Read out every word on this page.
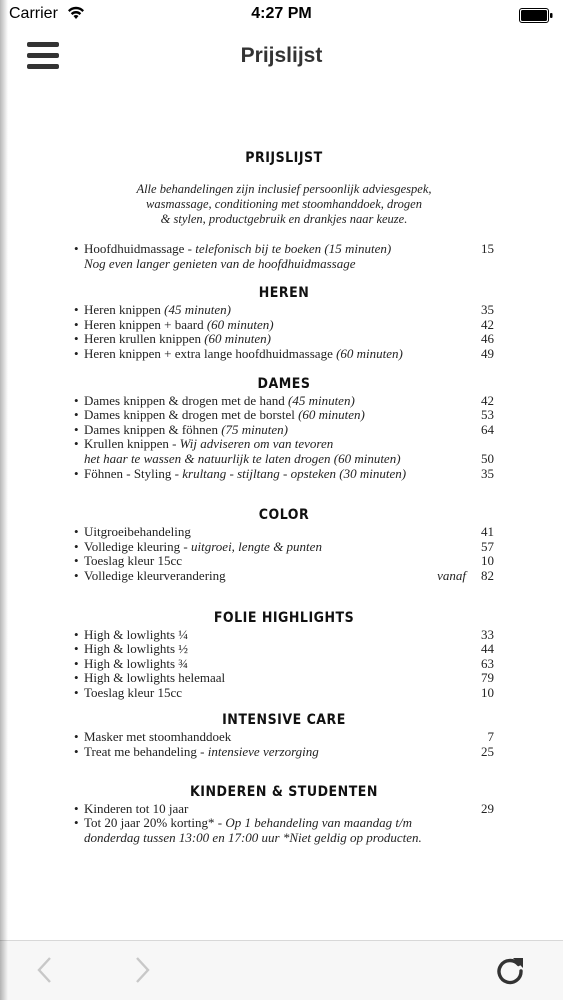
Carrier	4:27 PM
Prijslijst
PRIJSLIJST
Alle behandelingen zijn inclusief persoonlijk adviesgespek,
wasmassage, conditioning met stoomhanddoek, drogen
& stylen, productgebruik en drankjes naar keuze.
• Hoofdhuidmassage - telefonisch bij te boeken (15 minuten)	15
Nog even langer genieten van de hoofdhuidmassage
HEREN
• Heren knippen (45 minuten)	35
• Heren knippen + baard (60 minuten)	42
• Heren krullen knippen (60 minuten)	46
• Heren knippen + extra lange hoofdhuidmassage (60 minuten)	49
DAMES
• Dames knippen & drogen met de hand (45 minuten)	42
• Dames knippen & drogen met de borstel (60 minuten)	53
• Dames knippen & föhnen (75 minuten)	64
• Krullen knippen - Wij adviseren om van tevoren
het haar te wassen & natuurlijk te laten drogen (60 minuten)	50
• Föhnen - Styling - krultang - stijltang - opsteken (30 minuten)	35
COLOR
• Uitgroeibehandeling	41
• Volledige kleuring - uitgroei, lengte & punten	57
• Toeslag kleur 15cc	10
• Volledige kleurverandering	vanaf	82
FOLIE HIGHLIGHTS
• High & lowlights ¼	33
• High & lowlights ½	44
• High & lowlights ¾	63
• High & lowlights helemaal	79
• Toeslag kleur 15cc	10
INTENSIVE CARE
• Masker met stoomhanddoek	7
• Treat me behandeling - intensieve verzorging	25
KINDEREN & STUDENTEN
• Kinderen tot 10 jaar	29
• Tot 20 jaar 20% korting* - Op 1 behandeling van maandag t/m
donderdag tussen 13:00 en 17:00 uur *Niet geldig op producten.
